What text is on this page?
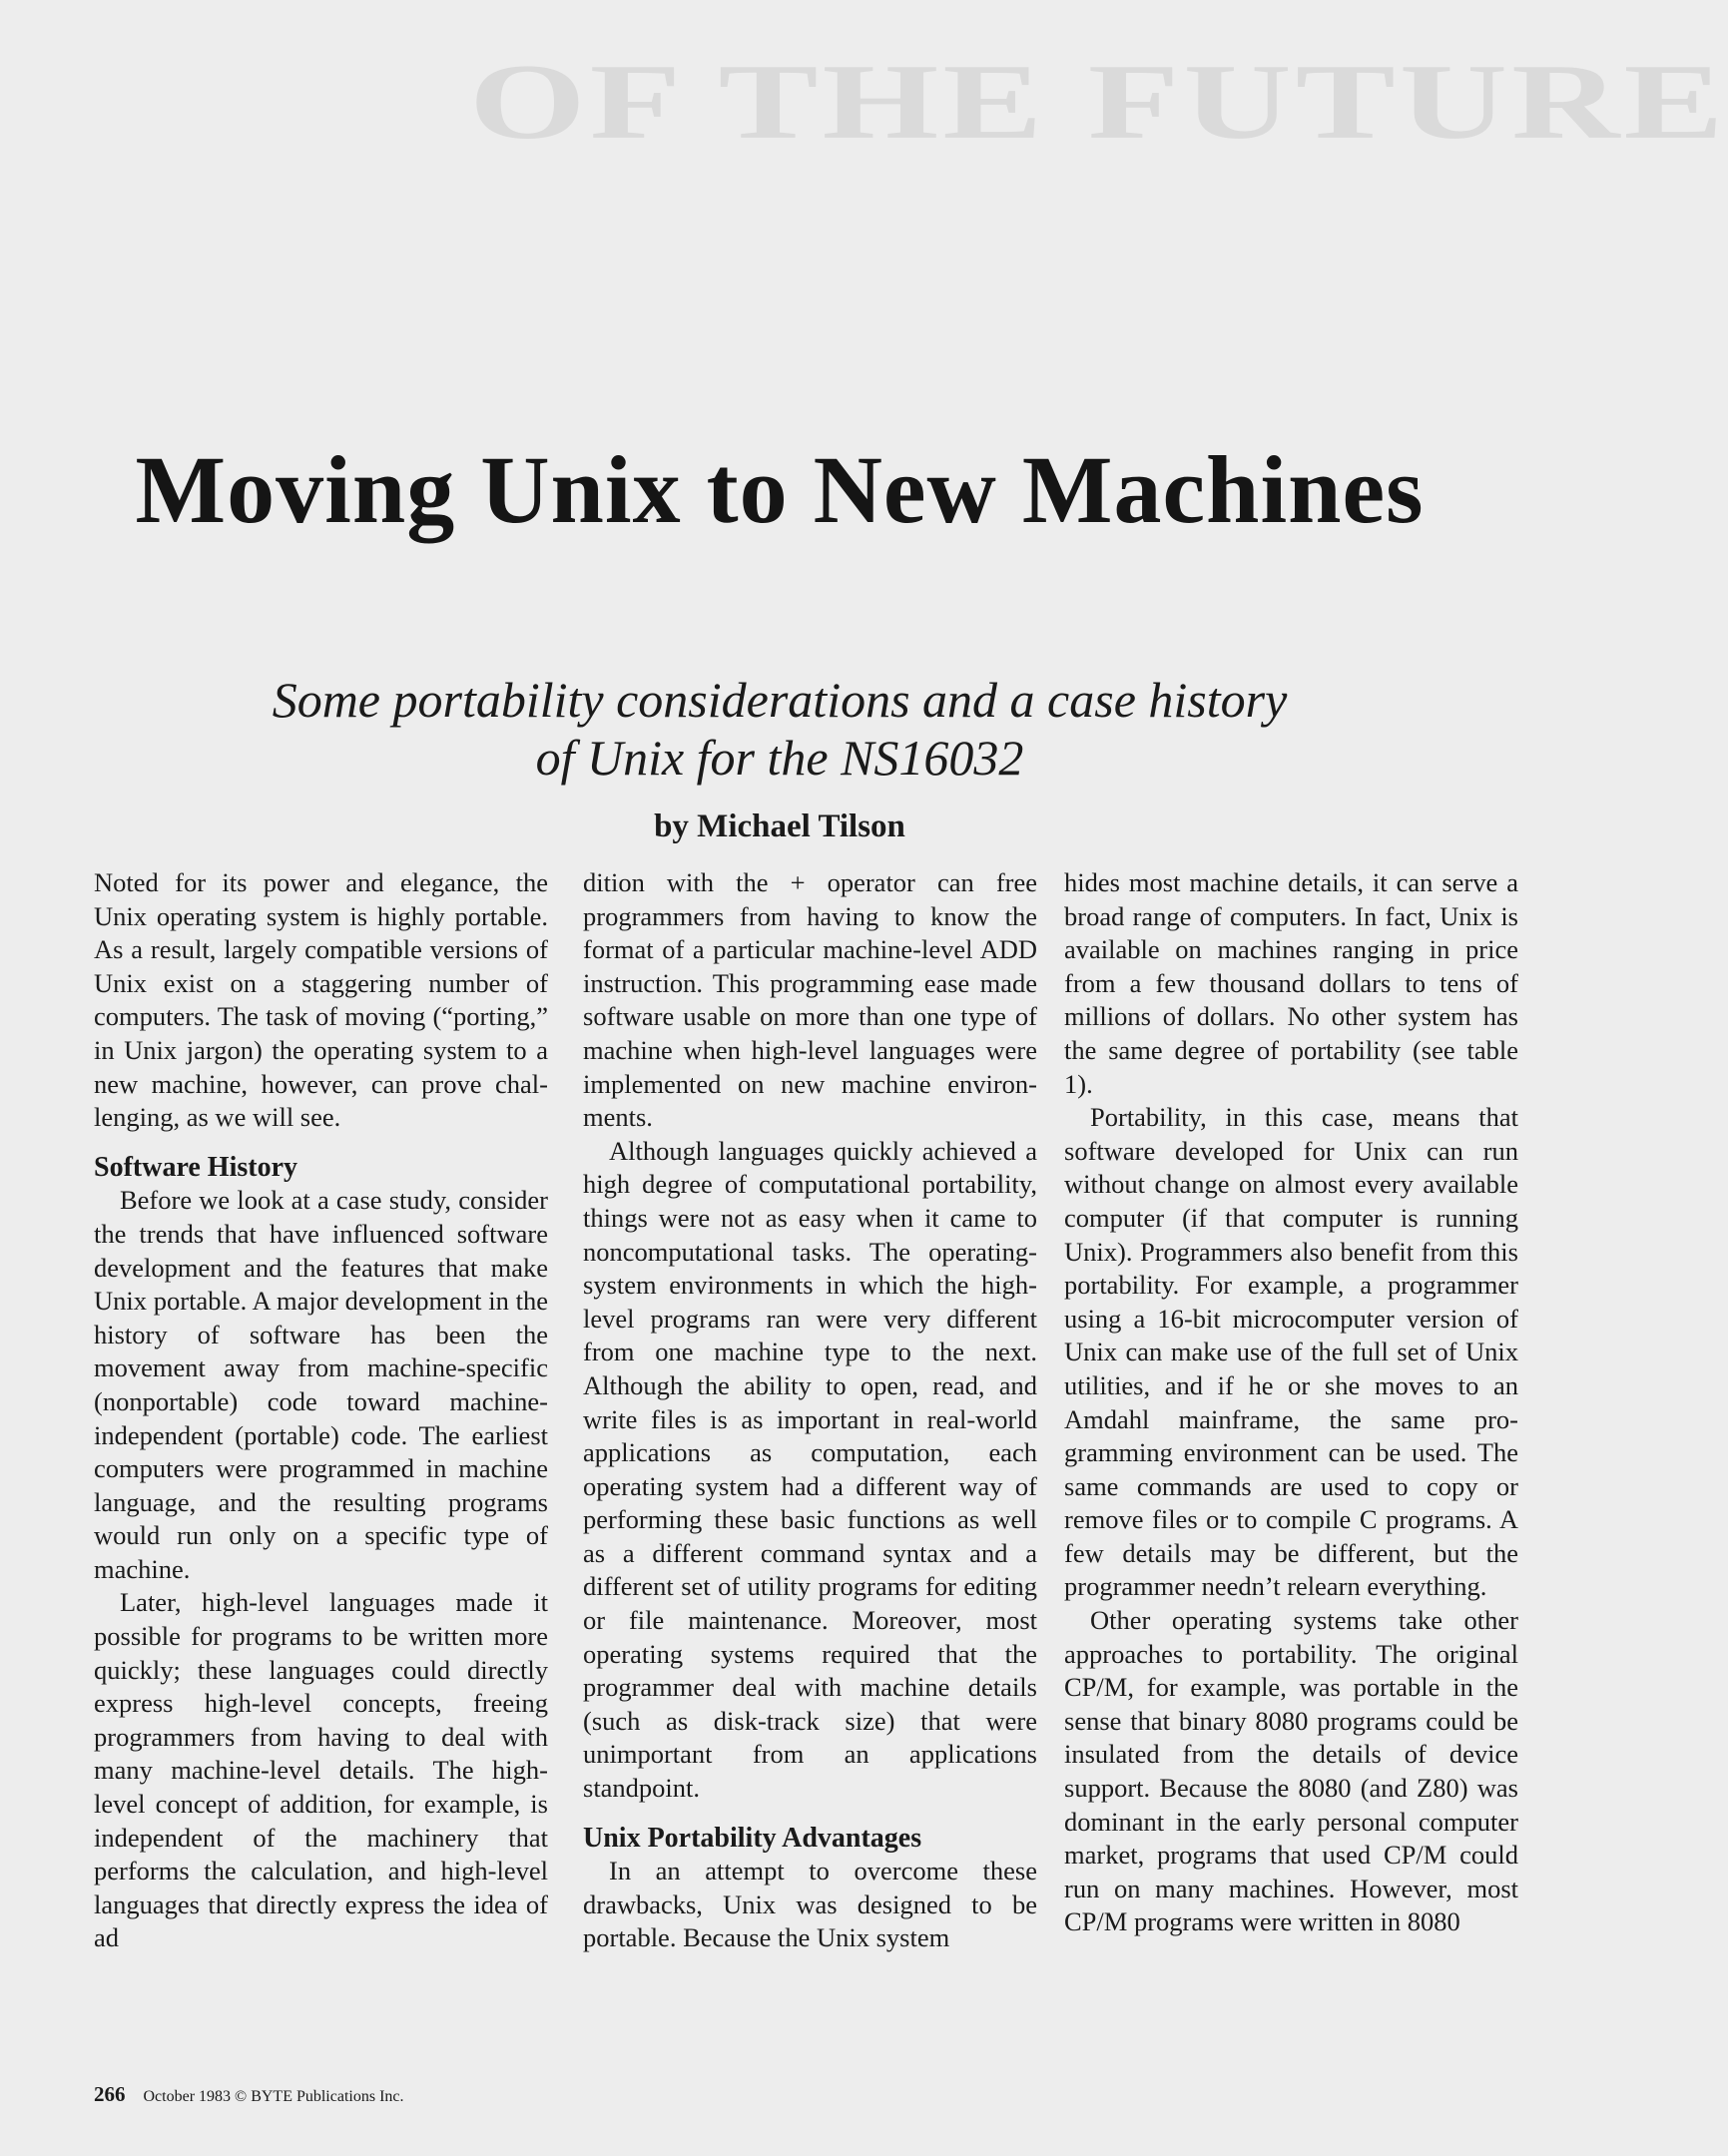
OF THE FUTURE
Moving Unix to New Machines
Some portability considerations and a case history
of Unix for the NS16032
by Michael Tilson

Noted for its power and elegance, the Unix operating system is highly portable. As a result, largely compatible versions of Unix exist on a staggering number of computers. The task of moving (“porting,” in Unix jargon) the operating system to a new machine, however, can prove challenging, as we will see.

Software History

Before we look at a case study, consider the trends that have influenced software development and the features that make Unix portable. A major development in the history of software has been the movement away from machine-specific (nonportable) code toward machine-independent (portable) code. The earliest computers were programmed in machine language, and the resulting programs would run only on a specific type of machine.

Later, high-level languages made it possible for programs to be written more quickly; these languages could directly express high-level concepts, freeing programmers from having to deal with many machine-level details. The high-level concept of addition, for example, is independent of the machinery that performs the calculation, and high-level languages that directly express the idea of ad

dition with the + operator can free programmers from having to know the format of a particular machine-level ADD instruction. This programming ease made software usable on more than one type of machine when high-level languages were implemented on new machine environments.

Although languages quickly achieved a high degree of computational portability, things were not as easy when it came to noncomputational tasks. The operating-system environments in which the high-level programs ran were very different from one machine type to the next. Although the ability to open, read, and write files is as important in real-world applications as computation, each operating system had a different way of performing these basic functions as well as a different command syntax and a different set of utility programs for editing or file maintenance. Moreover, most operating systems required that the programmer deal with machine details (such as disk-track size) that were unimportant from an applications standpoint.

Unix Portability Advantages

In an attempt to overcome these drawbacks, Unix was designed to be portable. Because the Unix system

hides most machine details, it can serve a broad range of computers. In fact, Unix is available on machines ranging in price from a few thousand dollars to tens of millions of dollars. No other system has the same degree of portability (see table 1).

Portability, in this case, means that software developed for Unix can run without change on almost every available computer (if that computer is running Unix). Programmers also benefit from this portability. For example, a programmer using a 16-bit microcomputer version of Unix can make use of the full set of Unix utilities, and if he or she moves to an Amdahl mainframe, the same programming environment can be used. The same commands are used to copy or remove files or to compile C programs. A few details may be different, but the programmer needn’t relearn everything.

Other operating systems take other approaches to portability. The original CP/M, for example, was portable in the sense that binary 8080 programs could be insulated from the details of device support. Because the 8080 (and Z80) was dominant in the early personal computer market, programs that used CP/M could run on many machines. However, most CP/M programs were written in 8080

266 October 1983 © BYTE Publications Inc.
